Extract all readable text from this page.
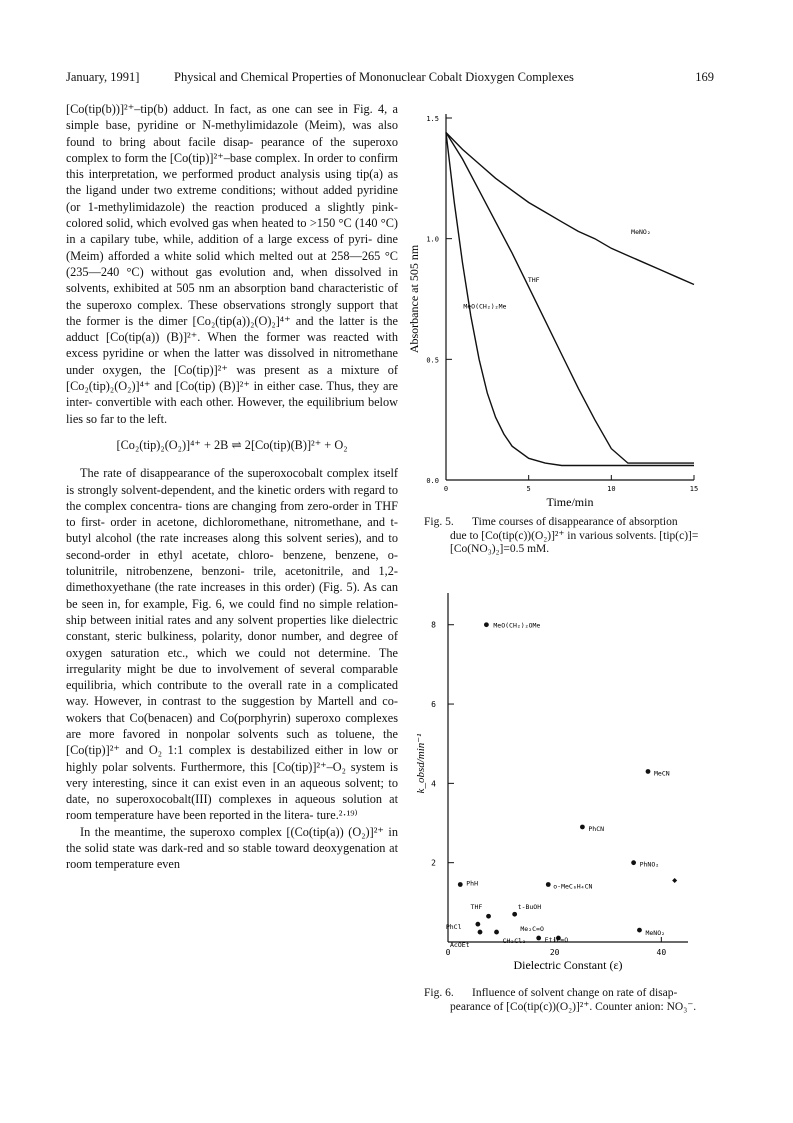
January, 1991]	Physical and Chemical Properties of Mononuclear Cobalt Dioxygen Complexes	169

[Co(tip(b))]²⁺–tip(b) adduct. In fact, as one can see in Fig. 4, a simple base, pyridine or N-methylimidazole (Meim), was also found to bring about facile disap- pearance of the superoxo complex to form the [Co(tip)]²⁺–base complex. In order to confirm this interpretation, we performed product analysis using tip(a) as the ligand under two extreme conditions; without added pyridine (or 1-methylimidazole) the reaction produced a slightly pink-colored solid, which evolved gas when heated to >150 °C (140 °C) in a capilary tube, while, addition of a large excess of pyri- dine (Meim) afforded a white solid which melted out at 258—265 °C (235—240 °C) without gas evolution and, when dissolved in solvents, exhibited at 505 nm an absorption band characteristic of the superoxo complex. These observations strongly support that the former is the dimer [Co₂(tip(a))₂(O)₂]⁴⁺ and the latter is the adduct [Co(tip(a)) (B)]²⁺. When the former was reacted with excess pyridine or when the latter was dissolved in nitromethane under oxygen, the [Co(tip)]²⁺ was present as a mixture of [Co₂(tip)₂(O₂)]⁴⁺ and [Co(tip) (B)]²⁺ in either case. Thus, they are inter- convertible with each other. However, the equilibrium below lies so far to the left.

[Co₂(tip)₂(O₂)]⁴⁺ + 2B ⇌ 2[Co(tip)(B)]²⁺ + O₂

The rate of disappearance of the superoxocobalt complex itself is strongly solvent-dependent, and the kinetic orders with regard to the complex concentra- tions are changing from zero-order in THF to first- order in acetone, dichloromethane, nitromethane, and t-butyl alcohol (the rate increases along this solvent series), and to second-order in ethyl acetate, chloro- benzene, benzene, o-tolunitrile, nitrobenzene, benzoni- trile, acetonitrile, and 1,2-dimethoxyethane (the rate increases in this order) (Fig. 5). As can be seen in, for example, Fig. 6, we could find no simple relation- ship between initial rates and any solvent properties like dielectric constant, steric bulkiness, polarity, donor number, and degree of oxygen saturation etc., which we could not determine. The irregularity might be due to involvement of several comparable equilibria, which contribute to the overall rate in a complicated way. However, in contrast to the suggestion by Martell and co-wokers that Co(benacen) and Co(porphyrin) superoxo complexes are more favored in nonpolar solvents such as toluene, the [Co(tip)]²⁺ and O₂ 1:1 complex is destabilized either in low or highly polar solvents. Furthermore, this [Co(tip)]²⁺–O₂ system is very interesting, since it can exist even in an aqueous solvent; to date, no superoxocobalt(III) complexes in aqueous solution at room temperature have been reported in the litera- ture.²·¹⁹⁾

In the meantime, the superoxo complex [(Co(tip(a)) (O₂)]²⁺ in the solid state was dark-red and so stable toward deoxygenation at room temperature even

0.0
0.5
1.0
1.5
0	5	10	15
Time/min
Absorbance at 505 nm
MeNO₂
THF
MeO(CH₂)₂Me
Fig. 5. Time courses of disappearance of absorption

due to [Co(tip(c))(O₂)]²⁺ in various solvents. [tip(c)]=
[Co(NO₃)₂]=0.5 mM.
2
4
6
8
0	20	40
Dielectric Constant (ε)
k_obsd/min⁻¹
MeO(CH₂)₂OMe
MeCN
PhCN
PhNO₂
PhH	o-MeC₆H₄CN
t-BuOH
THF
PhCl
AcOEt	CH₂Cl₂
Me₂C=O
Et₂C=O
MeNO₂
Fig. 6. Influence of solvent change on rate of disap-

pearance of [Co(tip(c))(O₂)]²⁺. Counter anion: NO₃⁻.
